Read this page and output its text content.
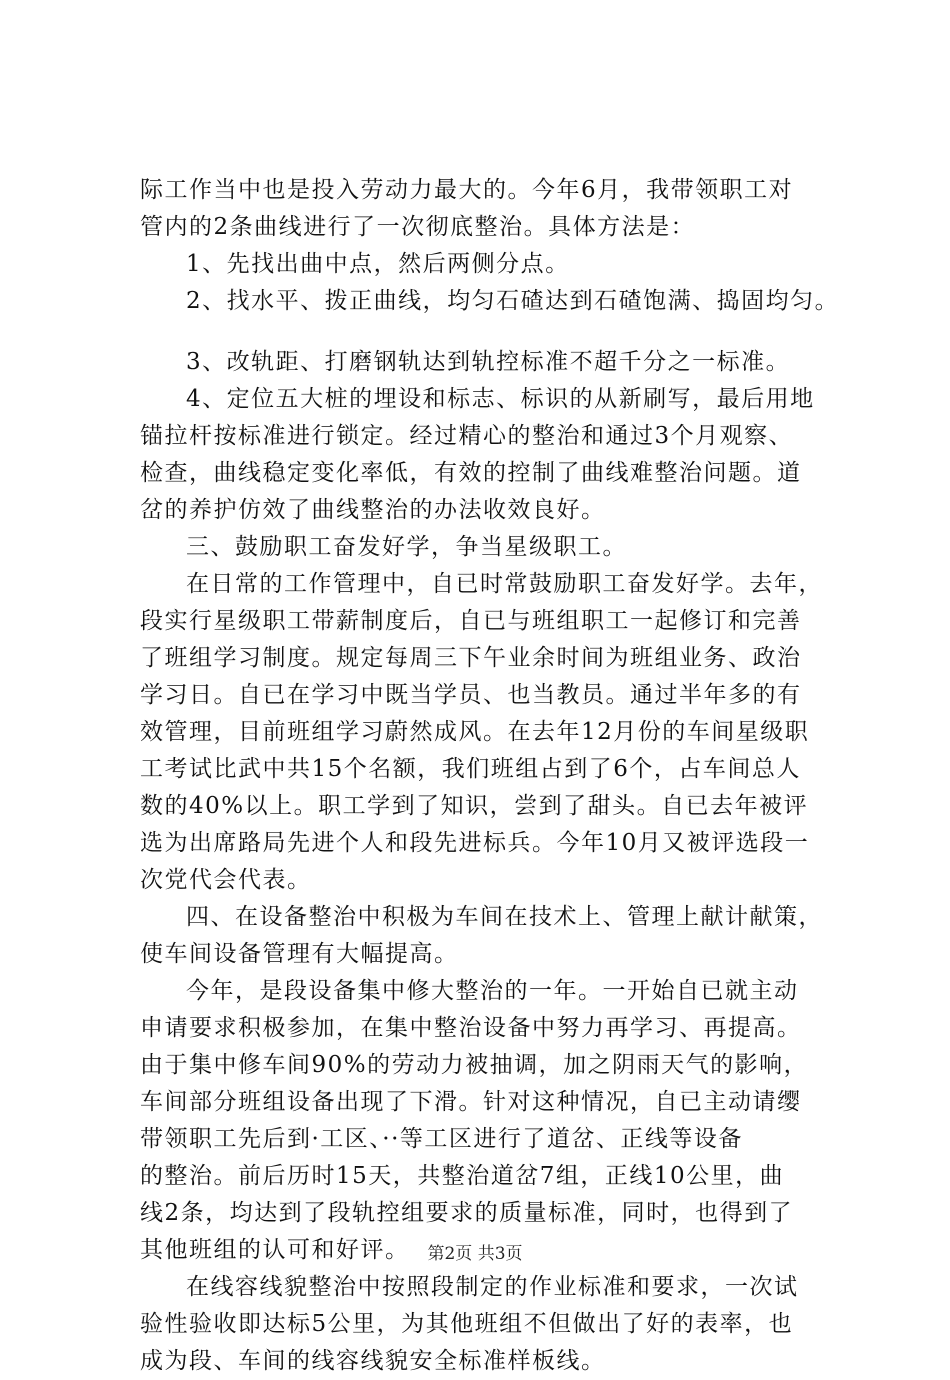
际工作当中也是投入劳动力最大的。今年6月，我带领职工对
管内的2条曲线进行了一次彻底整治。具体方法是：
1、先找出曲中点，然后两侧分点。
2、找水平、拨正曲线，均匀石碴达到石碴饱满、捣固均匀。
3、改轨距、打磨钢轨达到轨控标准不超千分之一标准。
4、定位五大桩的埋设和标志、标识的从新刷写，最后用地
锚拉杆按标准进行锁定。经过精心的整治和通过3个月观察、
检查，曲线稳定变化率低，有效的控制了曲线难整治问题。道
岔的养护仿效了曲线整治的办法收效良好。
三、鼓励职工奋发好学，争当星级职工。
在日常的工作管理中，自已时常鼓励职工奋发好学。去年，
段实行星级职工带薪制度后，自已与班组职工一起修订和完善
了班组学习制度。规定每周三下午业余时间为班组业务、政治
学习日。自已在学习中既当学员、也当教员。通过半年多的有
效管理，目前班组学习蔚然成风。在去年12月份的车间星级职
工考试比武中共15个名额，我们班组占到了6个，占车间总人
数的40%以上。职工学到了知识，尝到了甜头。自已去年被评
选为出席路局先进个人和段先进标兵。今年10月又被评选段一
次党代会代表。
四、在设备整治中积极为车间在技术上、管理上献计献策，
使车间设备管理有大幅提高。
今年，是段设备集中修大整治的一年。一开始自已就主动
申请要求积极参加，在集中整治设备中努力再学习、再提高。
由于集中修车间90%的劳动力被抽调，加之阴雨天气的影响，
车间部分班组设备出现了下滑。针对这种情况，自已主动请缨
带领职工先后到·工区、··等工区进行了道岔、正线等设备
的整治。前后历时15天，共整治道岔7组，正线10公里，曲
线2条，均达到了段轨控组要求的质量标准，同时，也得到了
其他班组的认可和好评。
在线容线貌整治中按照段制定的作业标准和要求，一次试
验性验收即达标5公里，为其他班组不但做出了好的表率，也
成为段、车间的线容线貌安全标准样板线。
第2页 共3页
